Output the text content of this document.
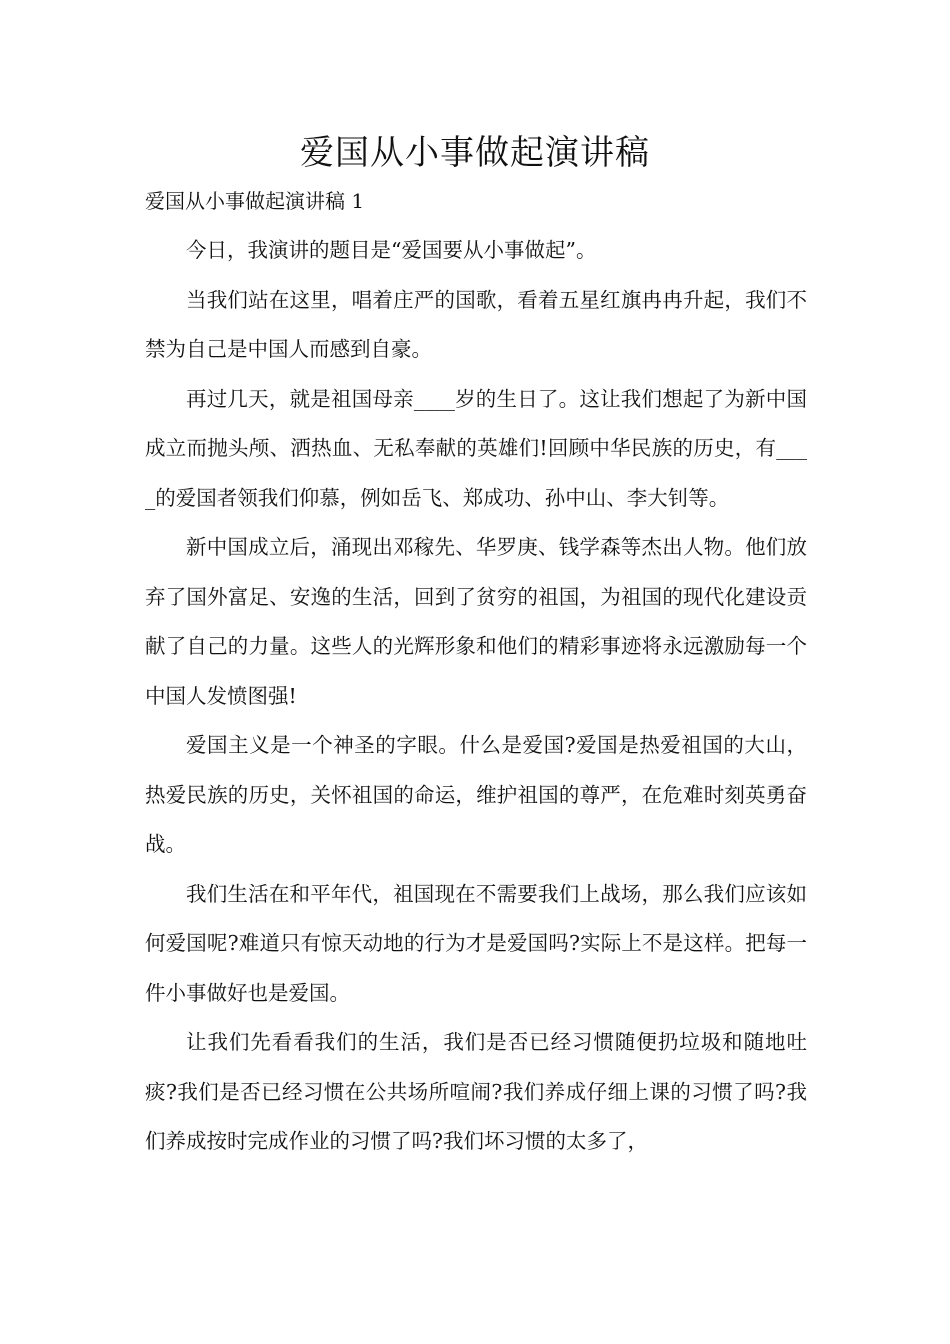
爱国从小事做起演讲稿

爱国从小事做起演讲稿 1

今日，我演讲的题目是“爱国要从小事做起”。

当我们站在这里，唱着庄严的国歌，看着五星红旗冉冉升起，我们不禁为自己是中国人而感到自豪。

再过几天，就是祖国母亲____岁的生日了。这让我们想起了为新中国成立而抛头颅、洒热血、无私奉献的英雄们!回顾中华民族的历史，有____的爱国者领我们仰慕，例如岳飞、郑成功、孙中山、李大钊等。

新中国成立后，涌现出邓稼先、华罗庚、钱学森等杰出人物。他们放弃了国外富足、安逸的生活，回到了贫穷的祖国，为祖国的现代化建设贡献了自己的力量。这些人的光辉形象和他们的精彩事迹将永远激励每一个中国人发愤图强!

爱国主义是一个神圣的字眼。什么是爱国?爱国是热爱祖国的大山，热爱民族的历史，关怀祖国的命运，维护祖国的尊严，在危难时刻英勇奋战。

我们生活在和平年代，祖国现在不需要我们上战场，那么我们应该如何爱国呢?难道只有惊天动地的行为才是爱国吗?实际上不是这样。把每一件小事做好也是爱国。

让我们先看看我们的生活，我们是否已经习惯随便扔垃圾和随地吐痰?我们是否已经习惯在公共场所喧闹?我们养成仔细上课的习惯了吗?我们养成按时完成作业的习惯了吗?我们坏习惯的太多了，
